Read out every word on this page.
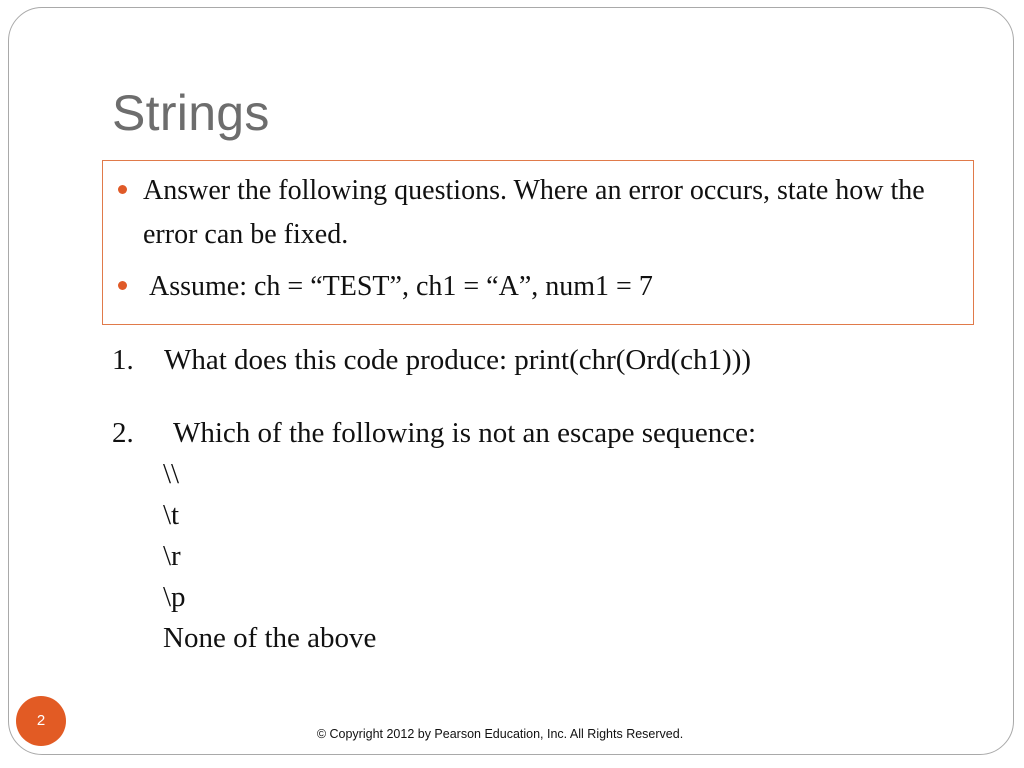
Strings
Answer the following questions. Where an error occurs, state how the error can be fixed.
Assume: ch = “TEST”, ch1 = “A”, num1 = 7
1. What does this code produce: print(chr(Ord(ch1)))
2. Which of the following is not an escape sequence:
\\
\t
\r
\p
None of the above
2
© Copyright 2012 by Pearson Education, Inc. All Rights Reserved.
